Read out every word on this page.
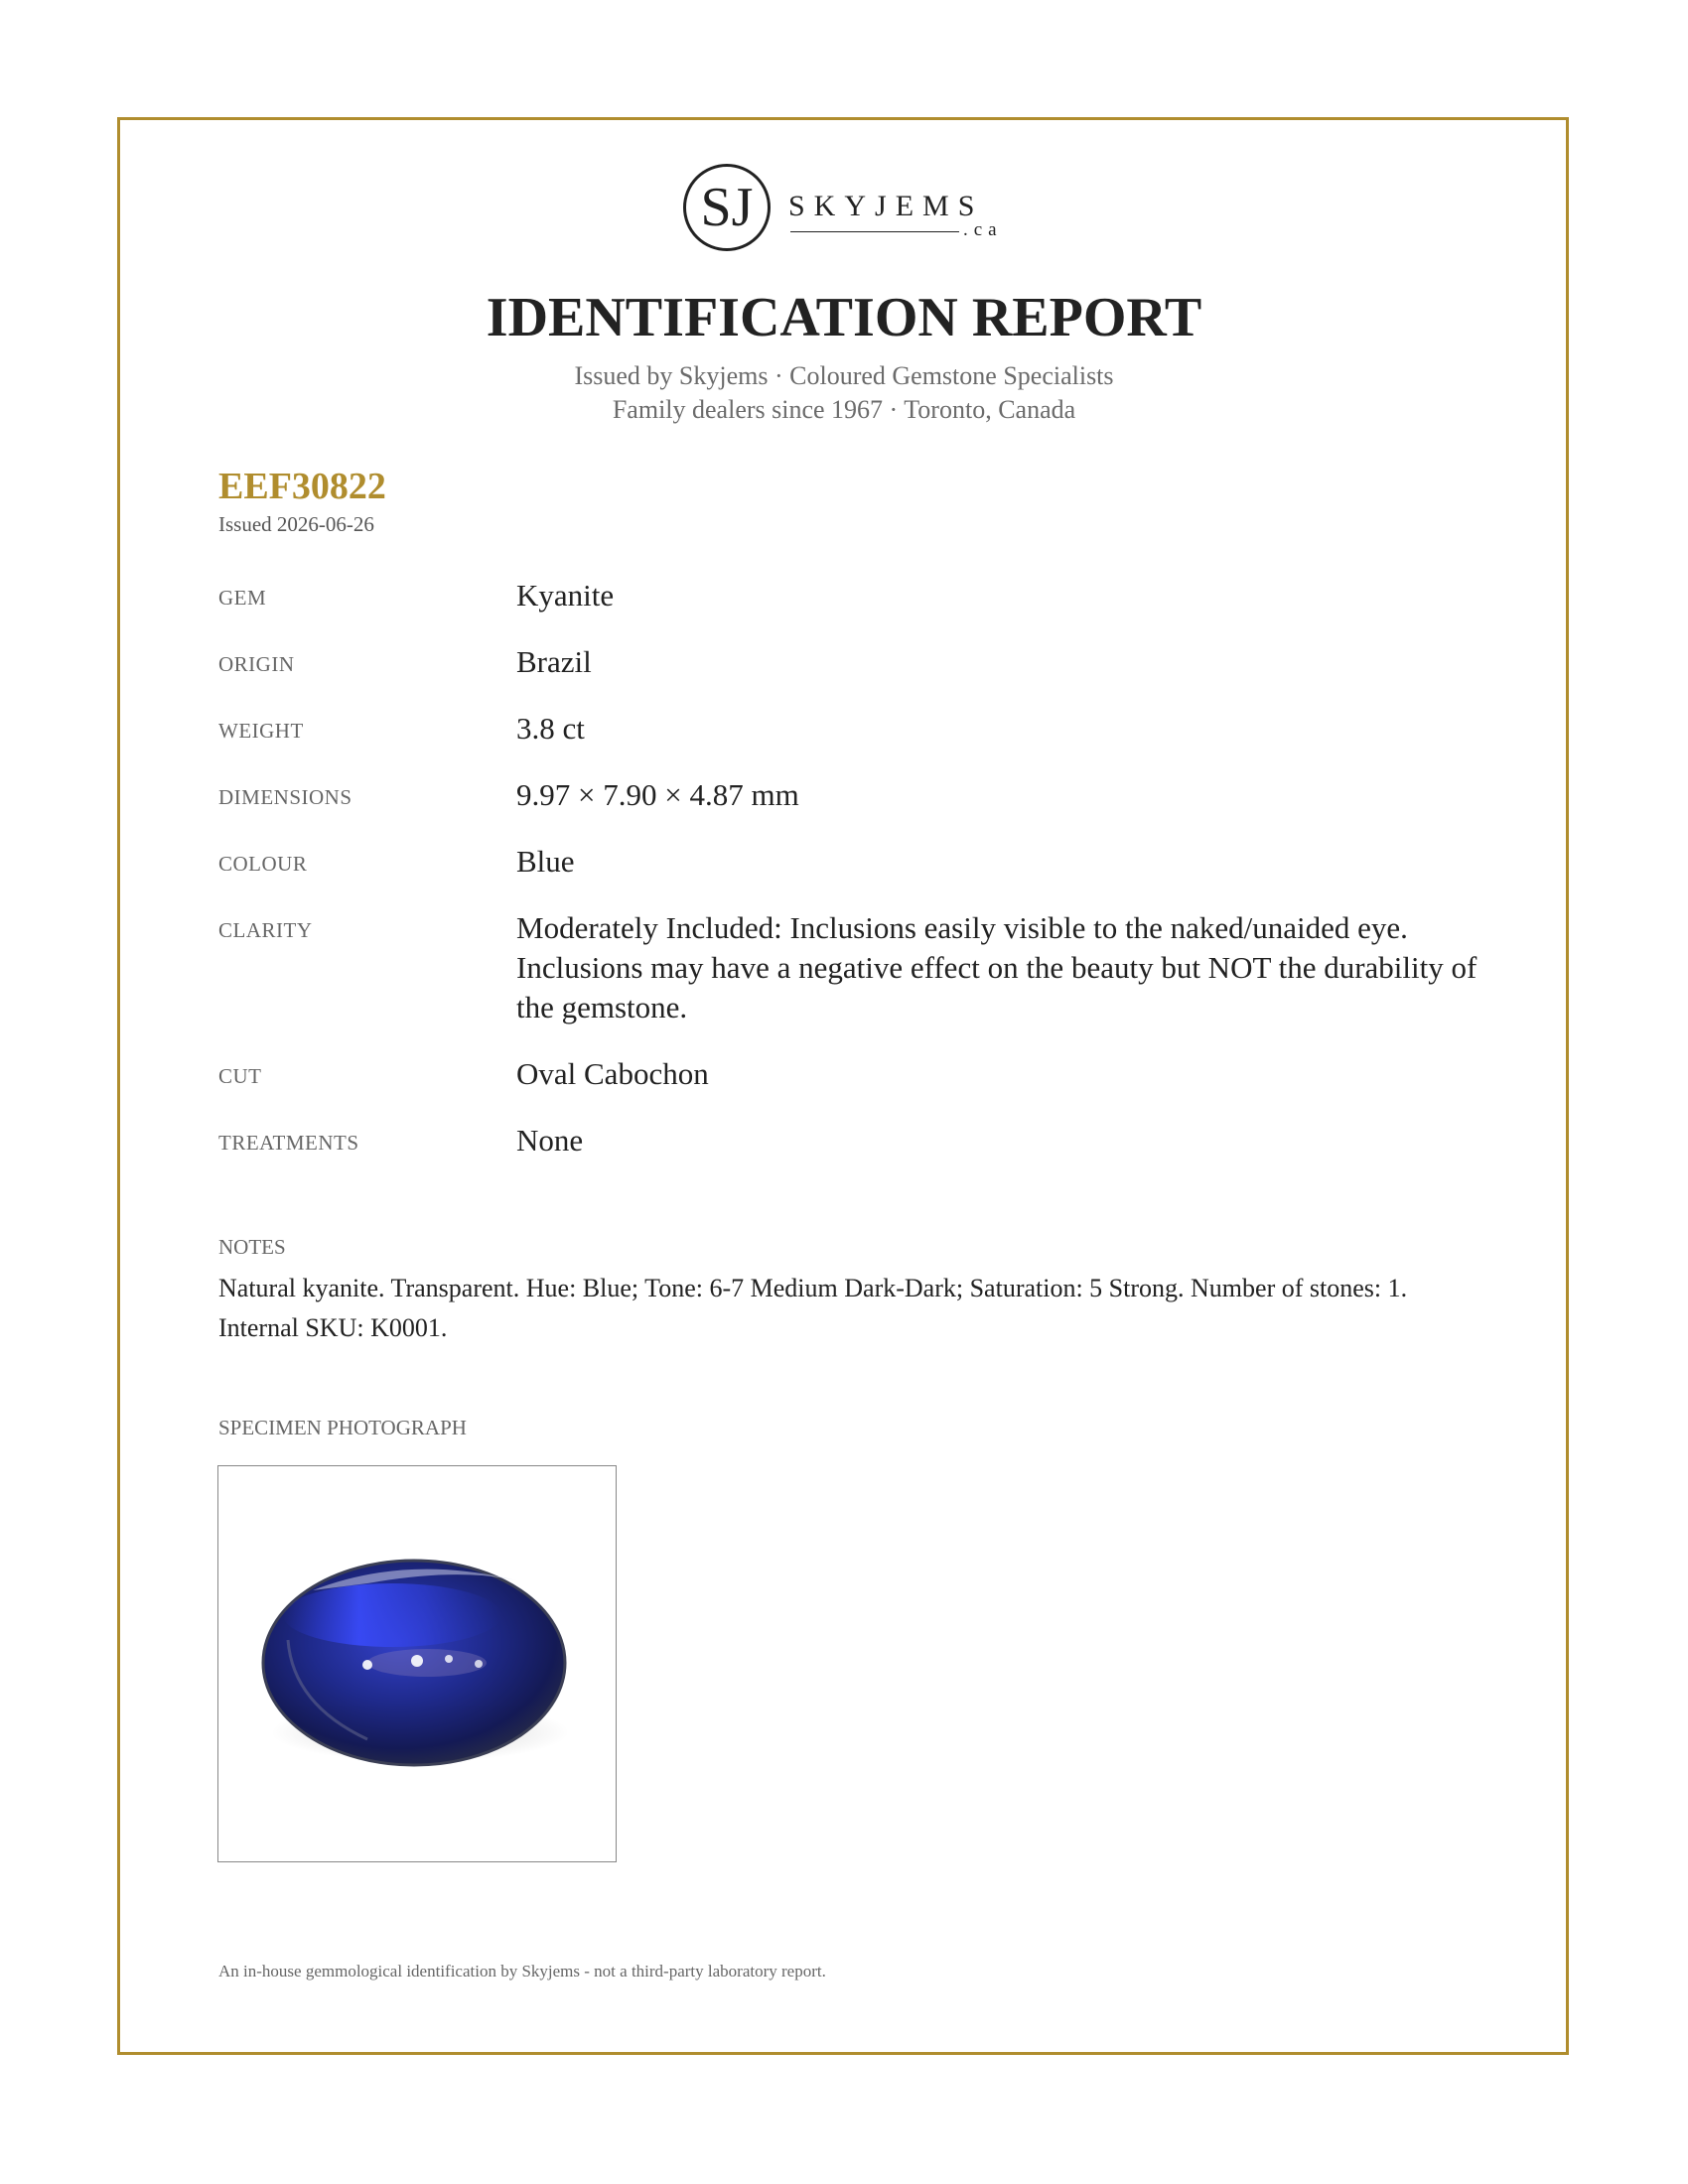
SJ	SKYJEMS
.ca
IDENTIFICATION REPORT
Issued by Skyjems · Coloured Gemstone Specialists
Family dealers since 1967 · Toronto, Canada
EEF30822
Issued 2026-06-26
GEM	Kyanite
ORIGIN	Brazil
WEIGHT	3.8 ct
DIMENSIONS	9.97 × 7.90 × 4.87 mm
COLOUR	Blue
CLARITY	Moderately Included: Inclusions easily visible to the naked/unaided eye. Inclusions may have a negative effect on the beauty but NOT the durability of the gemstone.
CUT	Oval Cabochon
TREATMENTS	None
NOTES
Natural kyanite. Transparent. Hue: Blue; Tone: 6-7 Medium Dark-Dark; Saturation: 5 Strong. Number of stones: 1. Internal SKU: K0001.
SPECIMEN PHOTOGRAPH
An in-house gemmological identification by Skyjems - not a third-party laboratory report.
